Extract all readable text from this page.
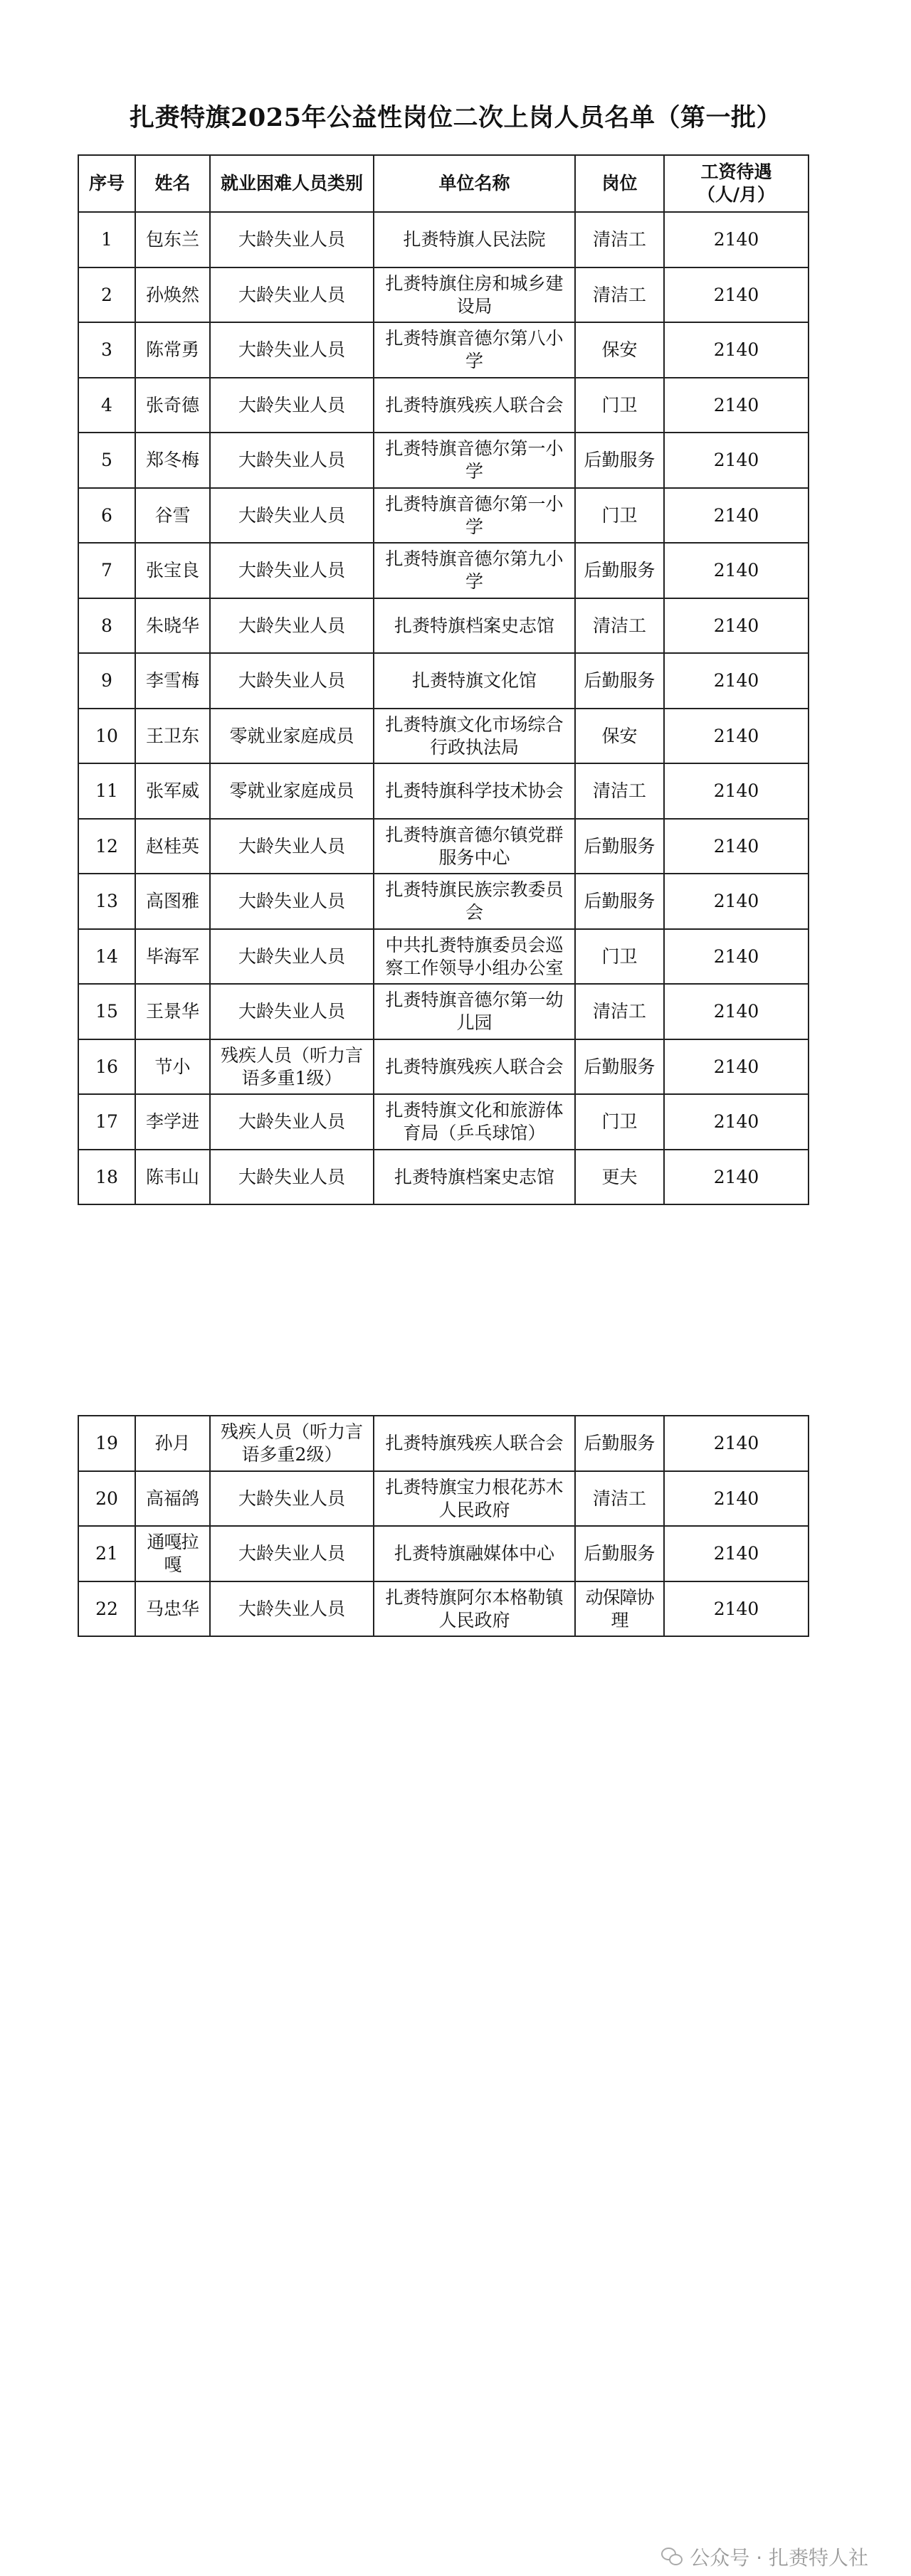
扎赉特旗2025年公益性岗位二次上岗人员名单（第一批）
序号	姓名	就业困难人员类别	单位名称	岗位	工资待遇
（人/月）

1	包东兰	大龄失业人员	扎赉特旗人民法院	清洁工	2140
2	孙焕然	大龄失业人员	扎赉特旗住房和城乡建设局	清洁工	2140
3	陈常勇	大龄失业人员	扎赉特旗音德尔第八小学	保安	2140
4	张奇德	大龄失业人员	扎赉特旗残疾人联合会	门卫	2140
5	郑冬梅	大龄失业人员	扎赉特旗音德尔第一小学	后勤服务	2140
6	谷雪	大龄失业人员	扎赉特旗音德尔第一小学	门卫	2140
7	张宝良	大龄失业人员	扎赉特旗音德尔第九小学	后勤服务	2140
8	朱晓华	大龄失业人员	扎赉特旗档案史志馆	清洁工	2140
9	李雪梅	大龄失业人员	扎赉特旗文化馆	后勤服务	2140
10	王卫东	零就业家庭成员	扎赉特旗文化市场综合行政执法局	保安	2140
11	张军威	零就业家庭成员	扎赉特旗科学技术协会	清洁工	2140
12	赵桂英	大龄失业人员	扎赉特旗音德尔镇党群服务中心	后勤服务	2140
13	高图雅	大龄失业人员	扎赉特旗民族宗教委员会	后勤服务	2140
14	毕海军	大龄失业人员	中共扎赉特旗委员会巡察工作领导小组办公室	门卫	2140
15	王景华	大龄失业人员	扎赉特旗音德尔第一幼儿园	清洁工	2140
16	节小	残疾人员（听力言语多重1级）	扎赉特旗残疾人联合会	后勤服务	2140
17	李学进	大龄失业人员	扎赉特旗文化和旅游体育局（乒乓球馆）	门卫	2140
18	陈韦山	大龄失业人员	扎赉特旗档案史志馆	更夫	2140
19	孙月	残疾人员（听力言语多重2级）	扎赉特旗残疾人联合会	后勤服务	2140
20	高福鸽	大龄失业人员	扎赉特旗宝力根花苏木人民政府	清洁工	2140
21	通嘎拉嘎	大龄失业人员	扎赉特旗融媒体中心	后勤服务	2140
22	马忠华	大龄失业人员	扎赉特旗阿尔本格勒镇人民政府	动保障协理	2140
公众号 · 扎赉特人社
